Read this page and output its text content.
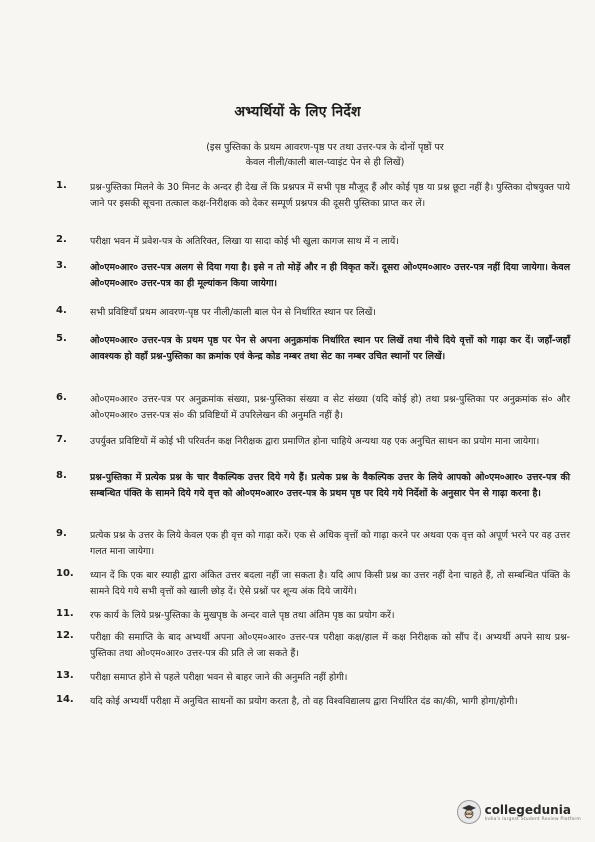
अभ्यर्थियों के लिए निर्देश
(इस पुस्तिका के प्रथम आवरण-पृष्ठ पर तथा उत्तर-पत्र के दोनों पृष्ठों पर
केवल नीली/काली बाल-प्वाइंट पेन से ही लिखें)
1.	प्रश्न-पुस्तिका मिलने के 30 मिनट के अन्दर ही देख लें कि प्रश्नपत्र में सभी पृष्ठ मौजूद हैं और कोई पृष्ठ या प्रश्न छूटा नहीं है। पुस्तिका दोषयुक्त पाये जाने पर इसकी सूचना तत्काल कक्ष-निरीक्षक को देकर सम्पूर्ण प्रश्नपत्र की दूसरी पुस्तिका प्राप्त कर लें।
2.	परीक्षा भवन में प्रवेश-पत्र के अतिरिक्त, लिखा या सादा कोई भी खुला कागज साथ में न लायें।
3.	ओ०एम०आर० उत्तर-पत्र अलग से दिया गया है। इसे न तो मोड़ें और न ही विकृत करें। दूसरा ओ०एम०आर० उत्तर-पत्र नहीं दिया जायेगा। केवल ओ०एम०आर० उत्तर-पत्र का ही मूल्यांकन किया जायेगा।
4.	सभी प्रविष्टियाँ प्रथम आवरण-पृष्ठ पर नीली/काली बाल पेन से निर्धारित स्थान पर लिखें।
5.	ओ०एम०आर० उत्तर-पत्र के प्रथम पृष्ठ पर पेन से अपना अनुक्रमांक निर्धारित स्थान पर लिखें तथा नीचे दिये वृत्तों को गाढ़ा कर दें। जहाँ-जहाँ आवश्यक हो वहाँ प्रश्न-पुस्तिका का क्रमांक एवं केन्द्र कोड नम्बर तथा सेट का नम्बर उचित स्थानों पर लिखें।
6.	ओ०एम०आर० उत्तर-पत्र पर अनुक्रमांक संख्या, प्रश्न-पुस्तिका संख्या व सेट संख्या (यदि कोई हो) तथा प्रश्न-पुस्तिका पर अनुक्रमांक सं० और ओ०एम०आर० उत्तर-पत्र सं० की प्रविष्टियों में उपरिलेखन की अनुमति नहीं है।
7.	उपर्युक्त प्रविष्टियों में कोई भी परिवर्तन कक्ष निरीक्षक द्वारा प्रमाणित होना चाहिये अन्यथा यह एक अनुचित साधन का प्रयोग माना जायेगा।
8.	प्रश्न-पुस्तिका में प्रत्येक प्रश्न के चार वैकल्पिक उत्तर दिये गये हैं। प्रत्येक प्रश्न के वैकल्पिक उत्तर के लिये आपको ओ०एम०आर० उत्तर-पत्र की सम्बन्धित पंक्ति के सामने दिये गये वृत्त को ओ०एम०आर० उत्तर-पत्र के प्रथम पृष्ठ पर दिये गये निर्देशों के अनुसार पेन से गाढ़ा करना है।
9.	प्रत्येक प्रश्न के उत्तर के लिये केवल एक ही वृत्त को गाढ़ा करें। एक से अधिक वृत्तों को गाढ़ा करने पर अथवा एक वृत्त को अपूर्ण भरने पर वह उत्तर गलत माना जायेगा।
10.	ध्यान दें कि एक बार स्याही द्वारा अंकित उत्तर बदला नहीं जा सकता है। यदि आप किसी प्रश्न का उत्तर नहीं देना चाहते हैं, तो सम्बन्धित पंक्ति के सामने दिये गये सभी वृत्तों को खाली छोड़ दें। ऐसे प्रश्नों पर शून्य अंक दिये जायेंगे।
11.	रफ कार्य के लिये प्रश्न-पुस्तिका के मुखपृष्ठ के अन्दर वाले पृष्ठ तथा अंतिम पृष्ठ का प्रयोग करें।
12.	परीक्षा की समाप्ति के बाद अभ्यर्थी अपना ओ०एम०आर० उत्तर-पत्र परीक्षा कक्ष/हाल में कक्ष निरीक्षक को सौंप दें। अभ्यर्थी अपने साथ प्रश्न-पुस्तिका तथा ओ०एम०आर० उत्तर-पत्र की प्रति ले जा सकते हैं।
13.	परीक्षा समाप्त होने से पहले परीक्षा भवन से बाहर जाने की अनुमति नहीं होगी।
14.	यदि कोई अभ्यर्थी परीक्षा में अनुचित साधनों का प्रयोग करता है, तो वह विश्वविद्यालय द्वारा निर्धारित दंड का/की, भागी होगा/होगी।
collegedunia
India's largest Student Review Platform
